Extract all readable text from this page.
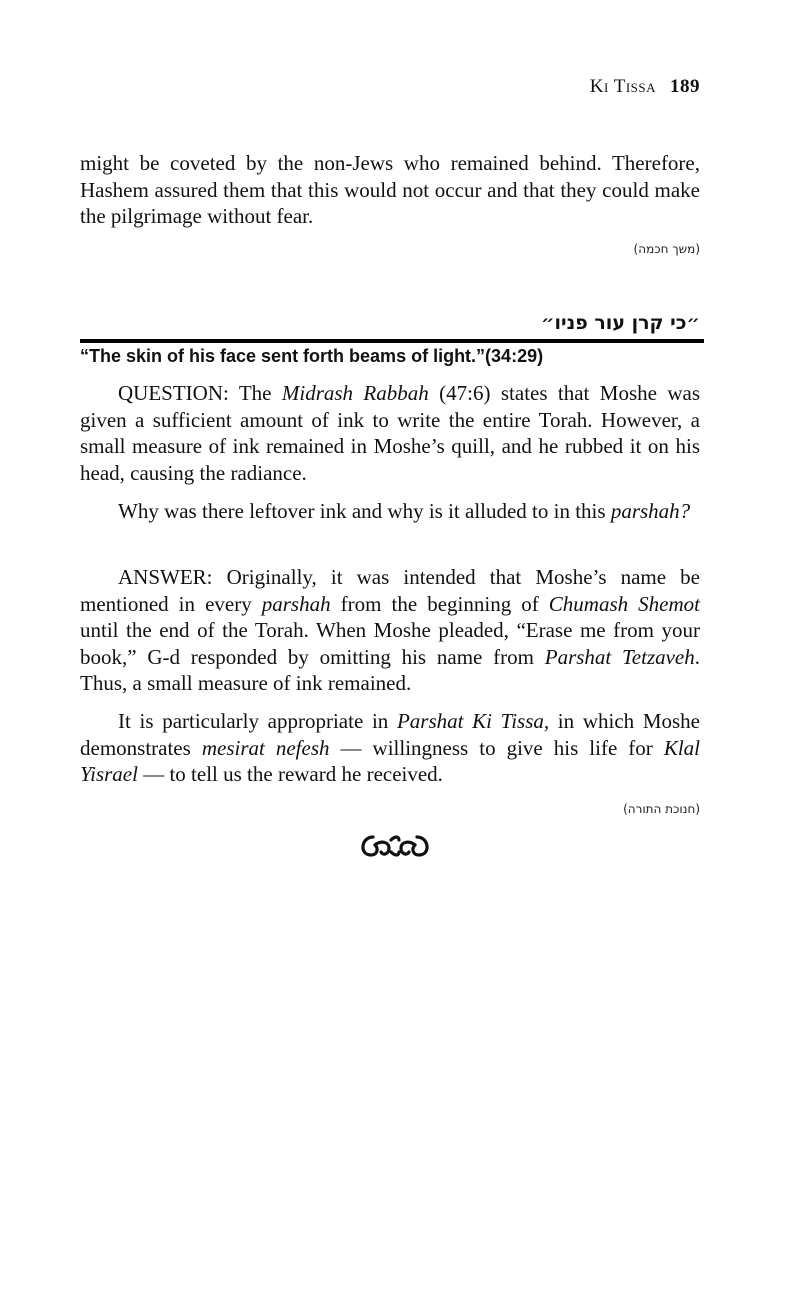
Ki Tissa 189

might be coveted by the non-Jews who remained behind. Therefore, Hashem assured them that this would not occur and that they could make the pilgrimage without fear.

(משך חכמה)
״כי קרן עור פניו״
“The skin of his face sent forth beams of light.”(34:29)

QUESTION: The Midrash Rabbah (47:6) states that Moshe was given a sufficient amount of ink to write the entire Torah. However, a small measure of ink remained in Moshe’s quill, and he rubbed it on his head, causing the radiance.

Why was there leftover ink and why is it alluded to in this parshah?

ANSWER: Originally, it was intended that Moshe’s name be mentioned in every parshah from the beginning of Chumash Shemot until the end of the Torah. When Moshe pleaded, “Erase me from your book,” G-d responded by omitting his name from Parshat Tetzaveh. Thus, a small measure of ink remained.

It is particularly appropriate in Parshat Ki Tissa, in which Moshe demonstrates mesirat nefesh — willingness to give his life for Klal Yisrael — to tell us the reward he received.

(חנוכת התורה)
